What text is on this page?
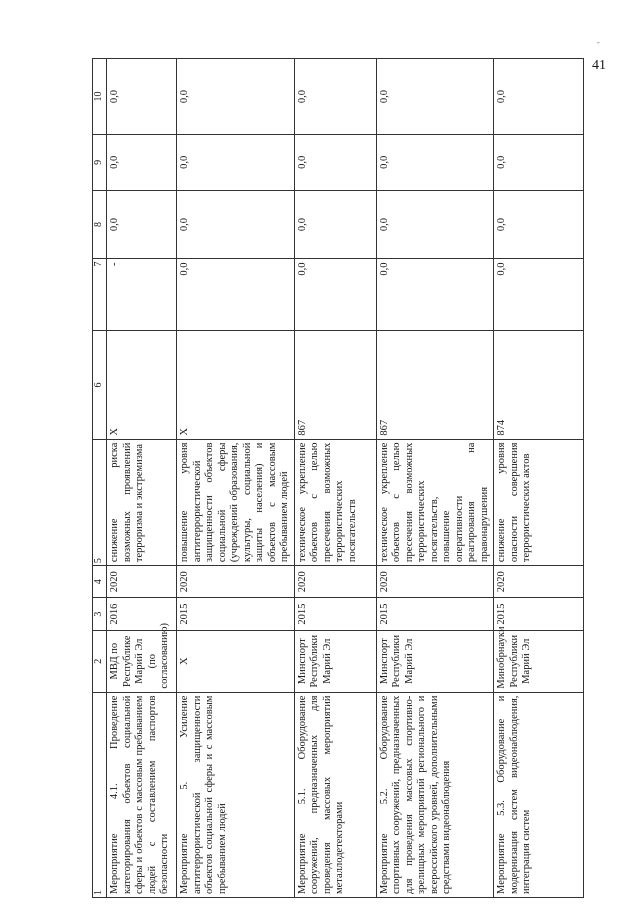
41
-
1	2	3	4	5	6	7	8	9	10
Мероприятие 4.1. Проведение категорирования объектов социальной сферы и объектов с массовым пребыванием людей с составлением паспортов безопасности	МВД по Республике Марий Эл (по согласованию)	2016	2020	снижение риска возможных проявлений терроризма и экстремизма	X	-	0,0	0,0	0,0
Мероприятие 5. Усиление антитеррористической защищенности объектов социальной сферы и с массовым пребыванием людей	X	2015	2020	повышение уровня антитеррористической защищенности объектов социальной сферы (учреждений образования, культуры, социальной защиты населения) и объектов с массовым пребыванием людей	X	0,0	0,0	0,0	0,0
Мероприятие 5.1. Оборудование сооружений, предназначенных для проведения массовых мероприятий металлодетекторами	Минспорт Республики Марий Эл	2015	2020	техническое укрепление объектов с целью пресечения возможных террористических посягательств	867	0,0	0,0	0,0	0,0
Мероприятие 5.2. Оборудование спортивных сооружений, предназначенных для проведения массовых спортивно-зрелищных мероприятий регионального и всероссийского уровней, дополнительными средствами видеонаблюдения	Минспорт Республики Марий Эл	2015	2020	техническое укрепление объектов с целью пресечения возможных террористических посягательств, повышение оперативности реагирования на правонарушения	867	0,0	0,0	0,0	0,0
Мероприятие 5.3. Оборудование и модернизация систем видеонаблюдения, интеграция систем	Минобрнауки Республики Марий Эл	2015	2020	снижение уровня опасности совершения террористических актов	874	0,0	0,0	0,0	0,0
